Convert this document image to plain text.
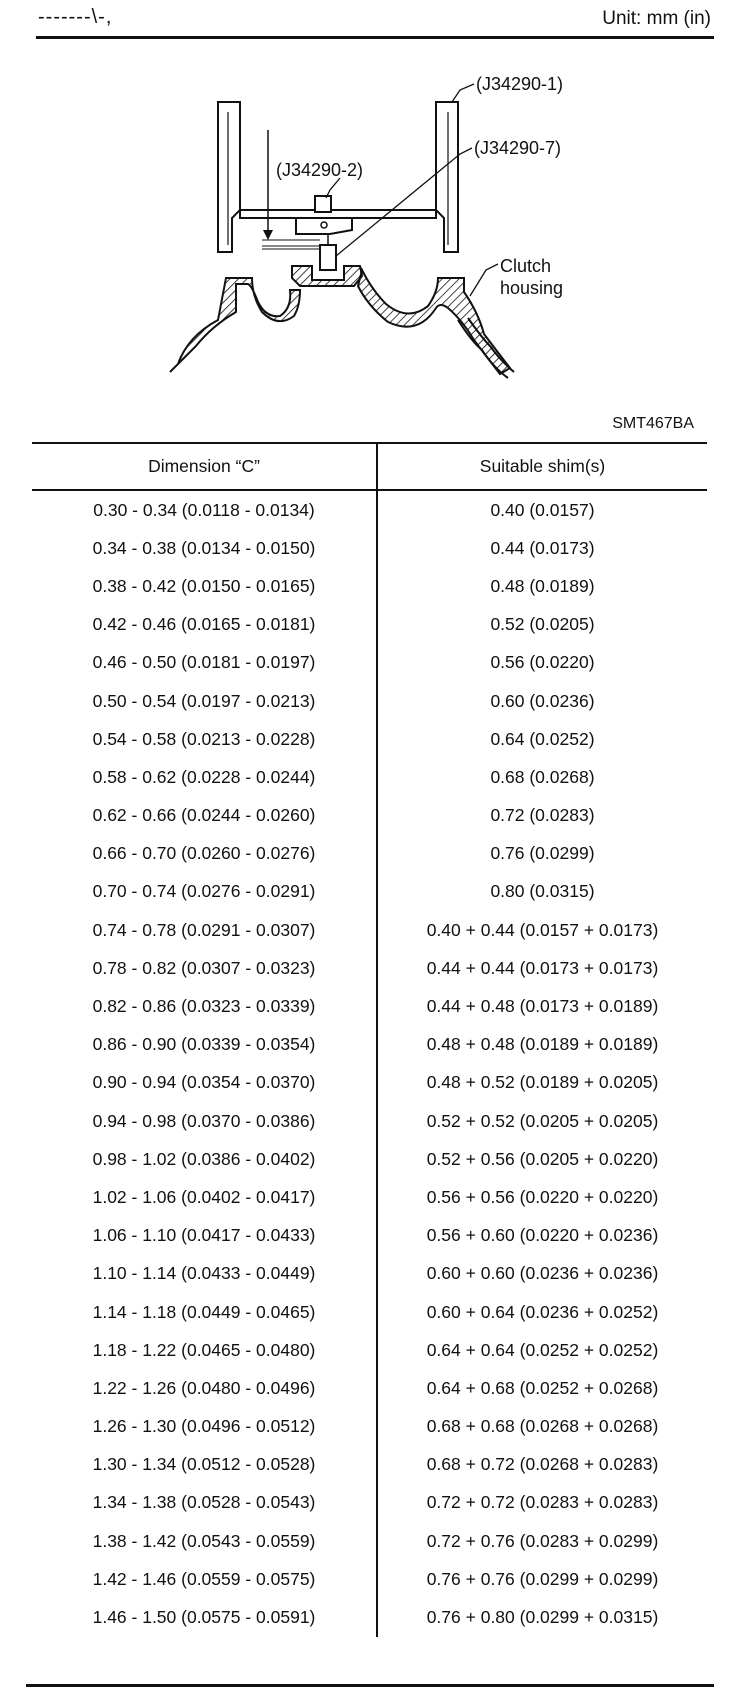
-------\-,	Unit: mm (in)
(J34290-1)
(J34290-2)
(J34290-7)
Clutch
housing
SMT467BA
Dimension “C”	Suitable shim(s)
0.30 - 0.34 (0.0118 - 0.0134)	0.40 (0.0157)
0.34 - 0.38 (0.0134 - 0.0150)	0.44 (0.0173)
0.38 - 0.42 (0.0150 - 0.0165)	0.48 (0.0189)
0.42 - 0.46 (0.0165 - 0.0181)	0.52 (0.0205)
0.46 - 0.50 (0.0181 - 0.0197)	0.56 (0.0220)
0.50 - 0.54 (0.0197 - 0.0213)	0.60 (0.0236)
0.54 - 0.58 (0.0213 - 0.0228)	0.64 (0.0252)
0.58 - 0.62 (0.0228 - 0.0244)	0.68 (0.0268)
0.62 - 0.66 (0.0244 - 0.0260)	0.72 (0.0283)
0.66 - 0.70 (0.0260 - 0.0276)	0.76 (0.0299)
0.70 - 0.74 (0.0276 - 0.0291)	0.80 (0.0315)
0.74 - 0.78 (0.0291 - 0.0307)	0.40 + 0.44 (0.0157 + 0.0173)
0.78 - 0.82 (0.0307 - 0.0323)	0.44 + 0.44 (0.0173 + 0.0173)
0.82 - 0.86 (0.0323 - 0.0339)	0.44 + 0.48 (0.0173 + 0.0189)
0.86 - 0.90 (0.0339 - 0.0354)	0.48 + 0.48 (0.0189 + 0.0189)
0.90 - 0.94 (0.0354 - 0.0370)	0.48 + 0.52 (0.0189 + 0.0205)
0.94 - 0.98 (0.0370 - 0.0386)	0.52 + 0.52 (0.0205 + 0.0205)
0.98 - 1.02 (0.0386 - 0.0402)	0.52 + 0.56 (0.0205 + 0.0220)
1.02 - 1.06 (0.0402 - 0.0417)	0.56 + 0.56 (0.0220 + 0.0220)
1.06 - 1.10 (0.0417 - 0.0433)	0.56 + 0.60 (0.0220 + 0.0236)
1.10 - 1.14 (0.0433 - 0.0449)	0.60 + 0.60 (0.0236 + 0.0236)
1.14 - 1.18 (0.0449 - 0.0465)	0.60 + 0.64 (0.0236 + 0.0252)
1.18 - 1.22 (0.0465 - 0.0480)	0.64 + 0.64 (0.0252 + 0.0252)
1.22 - 1.26 (0.0480 - 0.0496)	0.64 + 0.68 (0.0252 + 0.0268)
1.26 - 1.30 (0.0496 - 0.0512)	0.68 + 0.68 (0.0268 + 0.0268)
1.30 - 1.34 (0.0512 - 0.0528)	0.68 + 0.72 (0.0268 + 0.0283)
1.34 - 1.38 (0.0528 - 0.0543)	0.72 + 0.72 (0.0283 + 0.0283)
1.38 - 1.42 (0.0543 - 0.0559)	0.72 + 0.76 (0.0283 + 0.0299)
1.42 - 1.46 (0.0559 - 0.0575)	0.76 + 0.76 (0.0299 + 0.0299)
1.46 - 1.50 (0.0575 - 0.0591)	0.76 + 0.80 (0.0299 + 0.0315)
